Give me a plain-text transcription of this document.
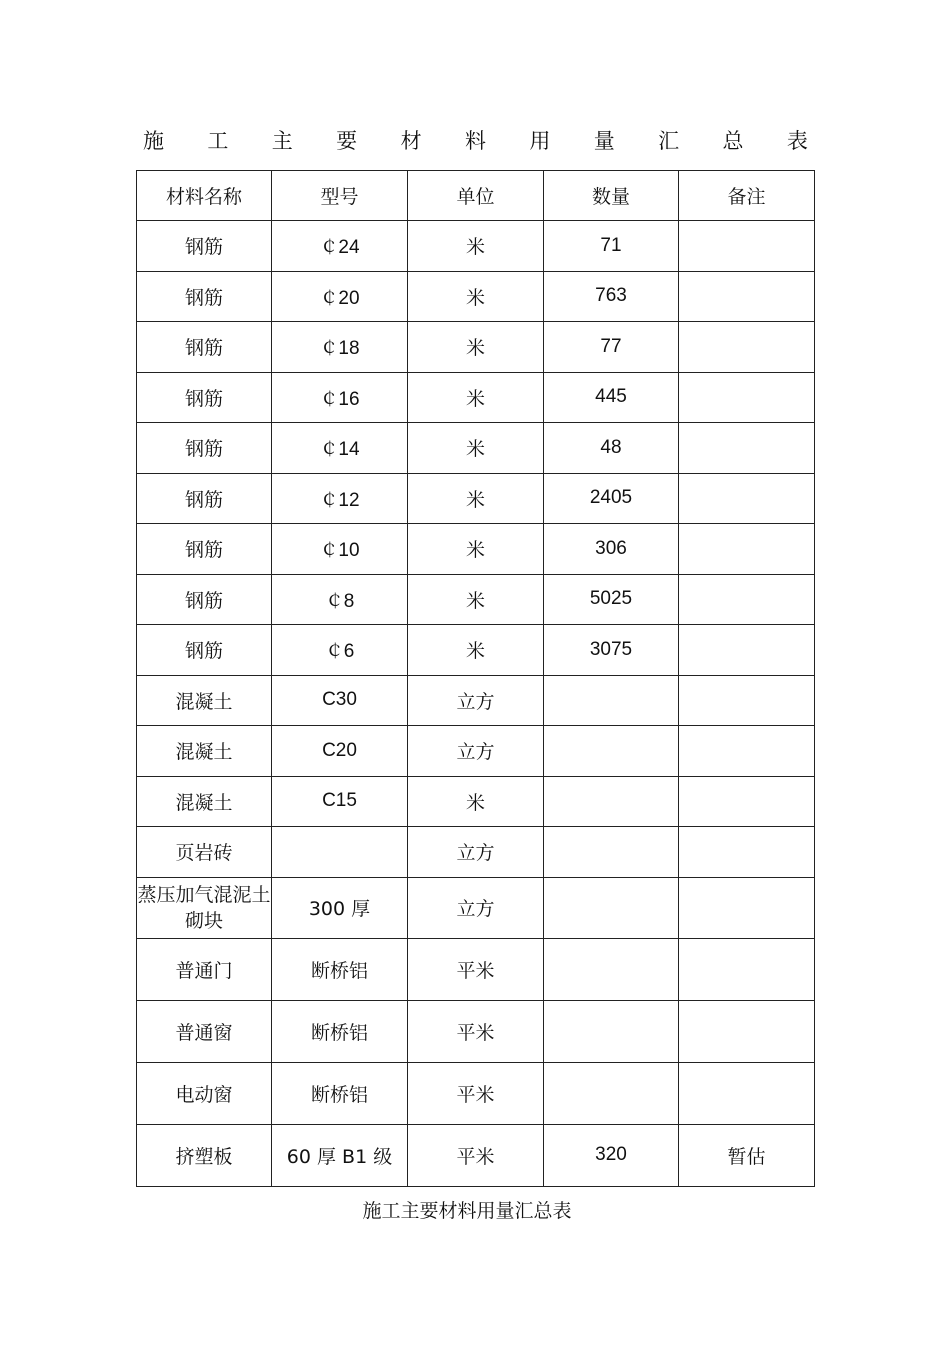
施 工 主 要 材 料 用 量 汇 总 表
材料名称	型号	单位	数量	备注
钢筋	￠24	米	71	
钢筋	￠20	米	763	
钢筋	￠18	米	77	
钢筋	￠16	米	445	
钢筋	￠14	米	48	
钢筋	￠12	米	2405	
钢筋	￠10	米	306	
钢筋	￠8	米	5025	
钢筋	￠6	米	3075	
混凝土	C30	立方		
混凝土	C20	立方		
混凝土	C15	米		
页岩砖		立方		
蒸压加气混泥土砌块	300 厚	立方		
普通门	断桥铝	平米		
普通窗	断桥铝	平米		
电动窗	断桥铝	平米		
挤塑板	60 厚 B1 级	平米	320	暂估
施工主要材料用量汇总表
